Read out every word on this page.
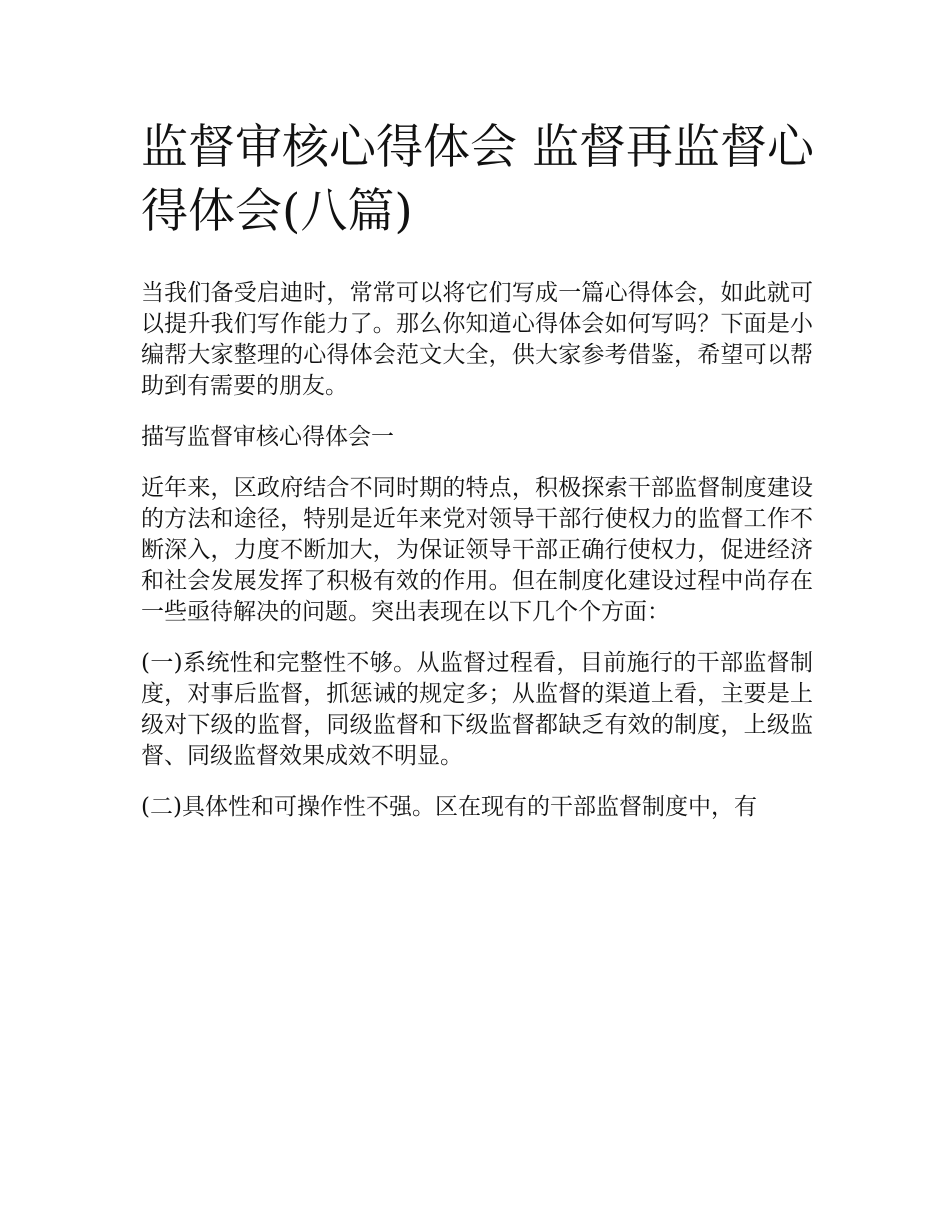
监督审核心得体会 监督再监督心得体会(八篇)

当我们备受启迪时，常常可以将它们写成一篇心得体会，如此就可以提升我们写作能力了。那么你知道心得体会如何写吗？下面是小编帮大家整理的心得体会范文大全，供大家参考借鉴，希望可以帮助到有需要的朋友。

描写监督审核心得体会一

近年来，区政府结合不同时期的特点，积极探索干部监督制度建设的方法和途径，特别是近年来党对领导干部行使权力的监督工作不断深入，力度不断加大，为保证领导干部正确行使权力，促进经济和社会发展发挥了积极有效的作用。但在制度化建设过程中尚存在一些亟待解决的问题。突出表现在以下几个个方面：

(一)系统性和完整性不够。从监督过程看，目前施行的干部监督制度，对事后监督，抓惩诫的规定多；从监督的渠道上看，主要是上级对下级的监督，同级监督和下级监督都缺乏有效的制度，上级监督、同级监督效果成效不明显。

(二)具体性和可操作性不强。区在现有的干部监督制度中，有
